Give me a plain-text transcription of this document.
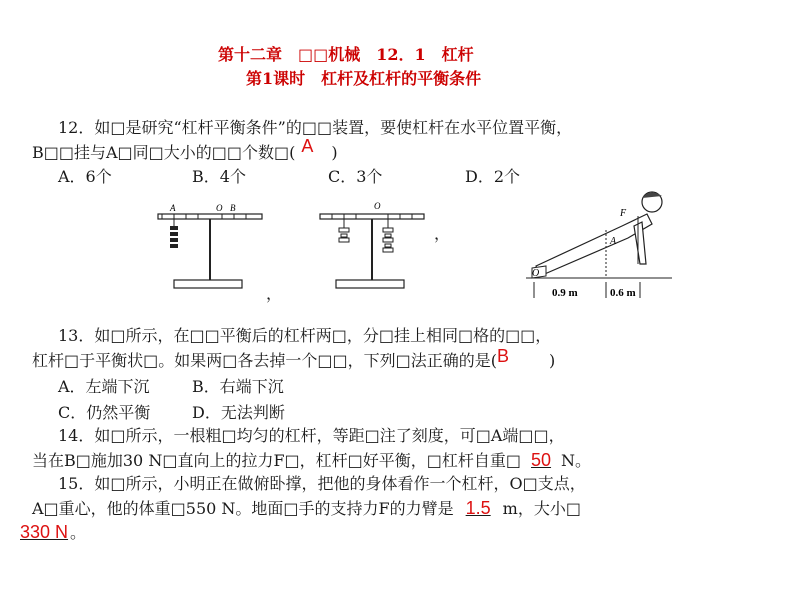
第十二章　□□机械　12．1　杠杆
第1课时　杠杆及杠杆的平衡条件
12．如□是研究“杠杆平衡条件”的□□装置，要使杠杆在水平位置平衡，
B□□挂与A□同□大小的□□个数□( A )
A．6个	B．4个	C．3个	D．2个
A	O B
，
O
，
F
A
O
0.9 m	0.6 m
13．如□所示，在□□平衡后的杠杆两□，分□挂上相同□格的□□，
杠杆□于平衡状□。如果两□各去掉一个□□，下列□法正确的是(B	)
A．左端下沉	B．右端下沉
C．仍然平衡	D．无法判断
14．如□所示，一根粗□均匀的杠杆，等距□注了刻度，可□A端□□，
当在B□施加30 N□直向上的拉力F□，杠杆□好平衡，□杠杆自重□ 50 N。
15．如□所示，小明正在做俯卧撑，把他的身体看作一个杠杆，O□支点，
A□重心，他的体重□550 N。地面□手的支持力F的力臂是 1.5 m，大小□
330 N 。
